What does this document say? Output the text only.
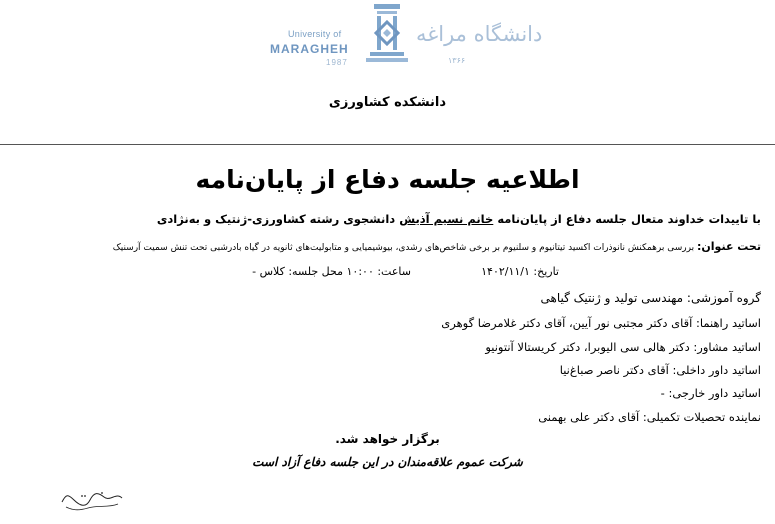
University of
MARAGHEH
1987
دانشگاه مراغه
۱۳۶۶
دانشکده کشاورزی
اطلاعیه جلسه دفاع از پایان‌نامه
با تاییدات خداوند متعال جلسه دفاع از پایان‌نامه خانم نسیم آذیش دانشجوی رشته کشاورزی-ژنتیک و به‌نژادی
تحت عنوان: بررسی برهمکنش نانوذرات اکسید تیتانیوم و سلنیوم بر برخی شاخص‌های رشدی، بیوشیمیایی و متابولیت‌های ثانویه در گیاه بادرشبی تحت تنش سمیت آرسنیک
تاریخ: ۱۴۰۲/۱۱/۱
ساعت: ۱۰:۰۰
محل جلسه: کلاس -
گروه آموزشی: مهندسی تولید و ژنتیک گیاهی
اساتید راهنما: آقای دکتر مجتبی نور آیین، آقای دکتر غلامرضا گوهری
اساتید مشاور: دکتر هالی سی الیوبرا، دکتر کریستالا آنتونیو
اساتید داور داخلی: آقای دکتر ناصر صباغ‌نیا
اساتید داور خارجی: -
نماینده تحصیلات تکمیلی: آقای دکتر علی بهمنی
برگزار خواهد شد.
شرکت عموم علاقه‌مندان در این جلسه دفاع آزاد است
